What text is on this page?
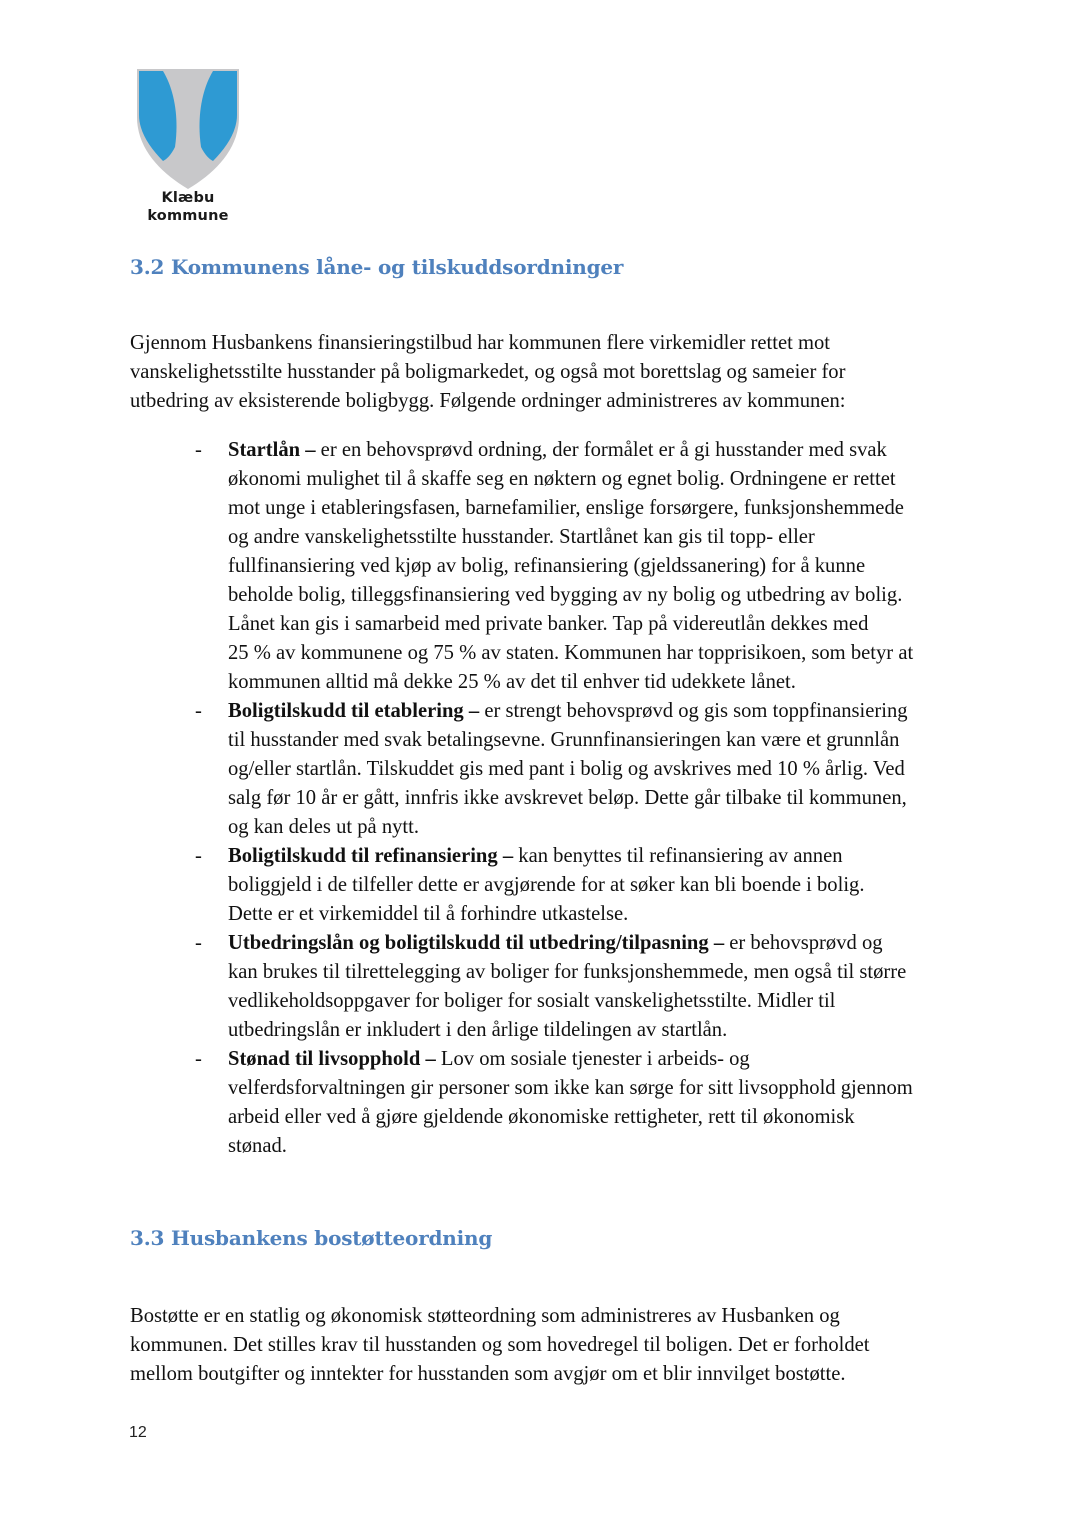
Klæbu
kommune
3.2 Kommunens låne- og tilskuddsordninger

Gjennom Husbankens finansieringstilbud har kommunen flere virkemidler rettet mot
vanskelighetsstilte husstander på boligmarkedet, og også mot borettslag og sameier for
utbedring av eksisterende boligbygg. Følgende ordninger administreres av kommunen:

- Startlån – er en behovsprøvd ordning, der formålet er å gi husstander med svak
økonomi mulighet til å skaffe seg en nøktern og egnet bolig. Ordningene er rettet
mot unge i etableringsfasen, barnefamilier, enslige forsørgere, funksjonshemmede
og andre vanskelighetsstilte husstander. Startlånet kan gis til topp- eller
fullfinansiering ved kjøp av bolig, refinansiering (gjeldssanering) for å kunne
beholde bolig, tilleggsfinansiering ved bygging av ny bolig og utbedring av bolig.
Lånet kan gis i samarbeid med private banker. Tap på videreutlån dekkes med
25 % av kommunene og 75 % av staten. Kommunen har topprisikoen, som betyr at
kommunen alltid må dekke 25 % av det til enhver tid udekkete lånet.
- Boligtilskudd til etablering – er strengt behovsprøvd og gis som toppfinansiering
til husstander med svak betalingsevne. Grunnfinansieringen kan være et grunnlån
og/eller startlån. Tilskuddet gis med pant i bolig og avskrives med 10 % årlig. Ved
salg før 10 år er gått, innfris ikke avskrevet beløp. Dette går tilbake til kommunen,
og kan deles ut på nytt.
- Boligtilskudd til refinansiering – kan benyttes til refinansiering av annen
boliggjeld i de tilfeller dette er avgjørende for at søker kan bli boende i bolig.
Dette er et virkemiddel til å forhindre utkastelse.
- Utbedringslån og boligtilskudd til utbedring/tilpasning – er behovsprøvd og
kan brukes til tilrettelegging av boliger for funksjonshemmede, men også til større
vedlikeholdsoppgaver for boliger for sosialt vanskelighetsstilte. Midler til
utbedringslån er inkludert i den årlige tildelingen av startlån.
- Stønad til livsopphold – Lov om sosiale tjenester i arbeids- og
velferdsforvaltningen gir personer som ikke kan sørge for sitt livsopphold gjennom
arbeid eller ved å gjøre gjeldende økonomiske rettigheter, rett til økonomisk
stønad.
3.3 Husbankens bostøtteordning

Bostøtte er en statlig og økonomisk støtteordning som administreres av Husbanken og
kommunen. Det stilles krav til husstanden og som hovedregel til boligen. Det er forholdet
mellom boutgifter og inntekter for husstanden som avgjør om et blir innvilget bostøtte.

12
